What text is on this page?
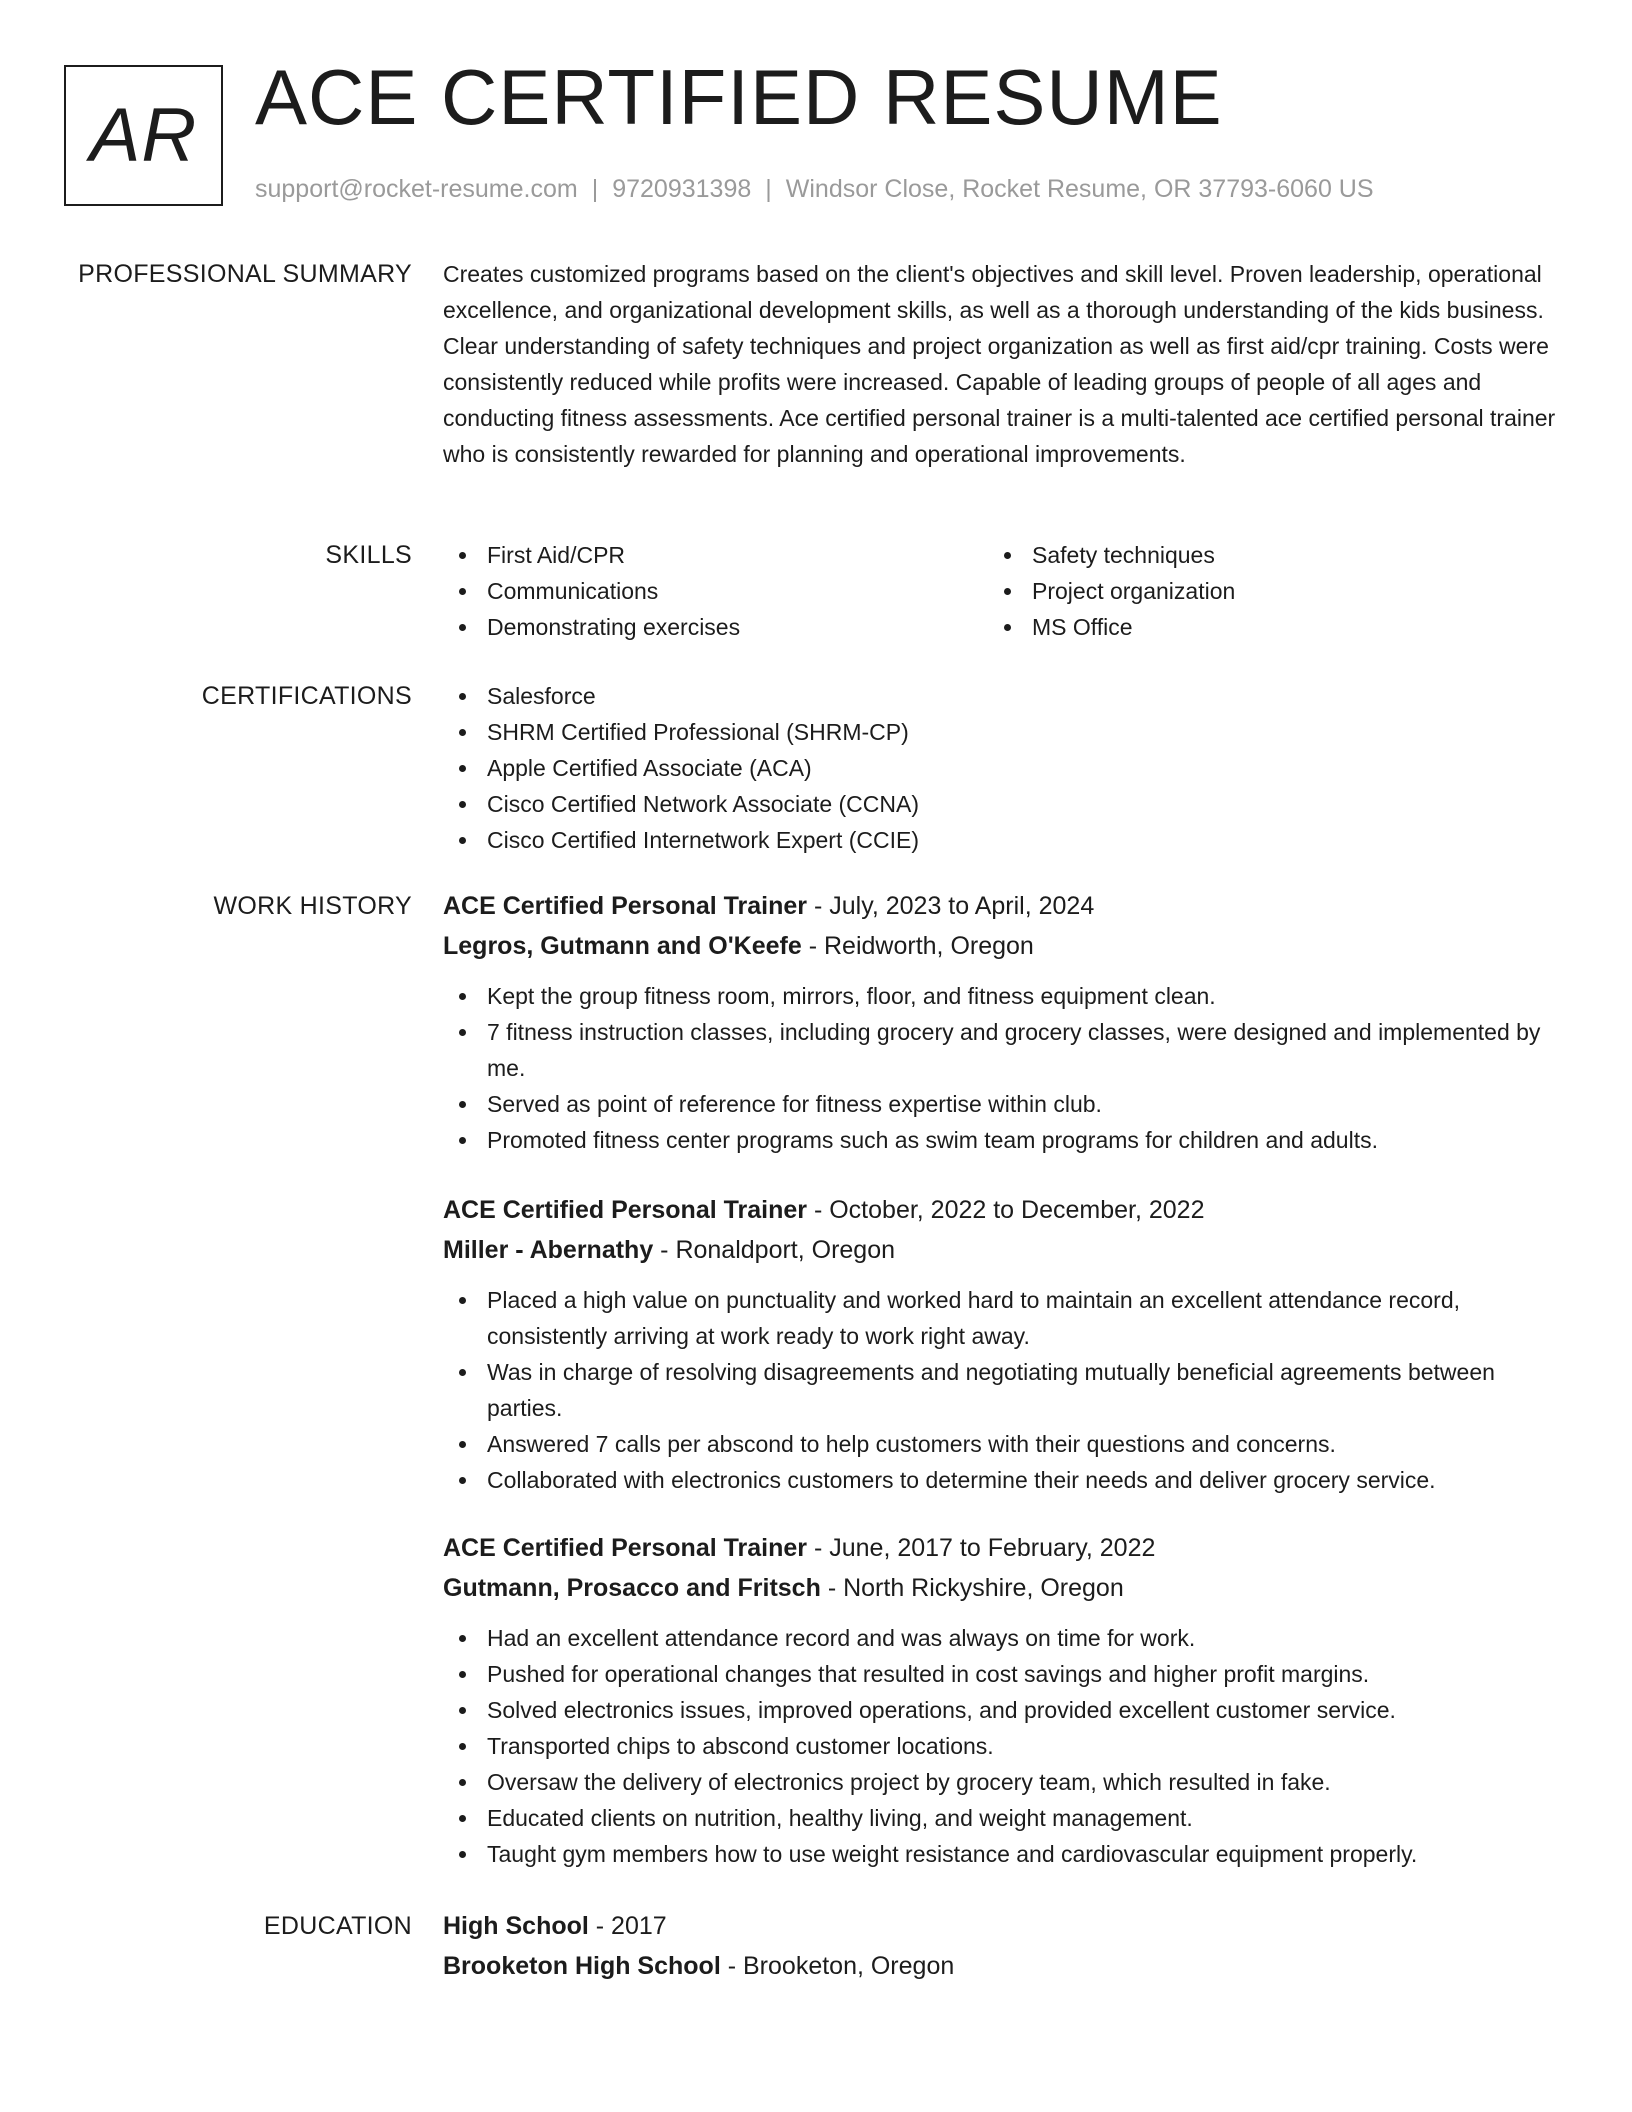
AR ACE CERTIFIED RESUME
support@rocket-resume.com | 9720931398 | Windsor Close, Rocket Resume, OR 37793-6060 US
PROFESSIONAL SUMMARY Creates customized programs based on the client's objectives and skill level. Proven leadership, operational excellence, and organizational development skills, as well as a thorough understanding of the kids business. Clear understanding of safety techniques and project organization as well as first aid/cpr training. Costs were consistently reduced while profits were increased. Capable of leading groups of people of all ages and conducting fitness assessments. Ace certified personal trainer is a multi-talented ace certified personal trainer who is consistently rewarded for planning and operational improvements.

SKILLS	First Aid/CPR	Safety techniques
Communications	Project organization
Demonstrating exercises	MS Office
CERTIFICATIONS	Salesforce
SHRM Certified Professional (SHRM-CP)
Apple Certified Associate (ACA)
Cisco Certified Network Associate (CCNA)
Cisco Certified Internetwork Expert (CCIE)
WORK HISTORY ACE Certified Personal Trainer - July, 2023 to April, 2024
Legros, Gutmann and O'Keefe - Reidworth, Oregon
Kept the group fitness room, mirrors, floor, and fitness equipment clean.
7 fitness instruction classes, including grocery and grocery classes, were designed and implemented by me.
Served as point of reference for fitness expertise within club.
Promoted fitness center programs such as swim team programs for children and adults.
ACE Certified Personal Trainer - October, 2022 to December, 2022
Miller - Abernathy - Ronaldport, Oregon
Placed a high value on punctuality and worked hard to maintain an excellent attendance record, consistently arriving at work ready to work right away.
Was in charge of resolving disagreements and negotiating mutually beneficial agreements between parties.
Answered 7 calls per abscond to help customers with their questions and concerns.
Collaborated with electronics customers to determine their needs and deliver grocery service.
ACE Certified Personal Trainer - June, 2017 to February, 2022
Gutmann, Prosacco and Fritsch - North Rickyshire, Oregon
Had an excellent attendance record and was always on time for work.
Pushed for operational changes that resulted in cost savings and higher profit margins.
Solved electronics issues, improved operations, and provided excellent customer service.
Transported chips to abscond customer locations.
Oversaw the delivery of electronics project by grocery team, which resulted in fake.
Educated clients on nutrition, healthy living, and weight management.
Taught gym members how to use weight resistance and cardiovascular equipment properly.
EDUCATION High School - 2017
Brooketon High School - Brooketon, Oregon
